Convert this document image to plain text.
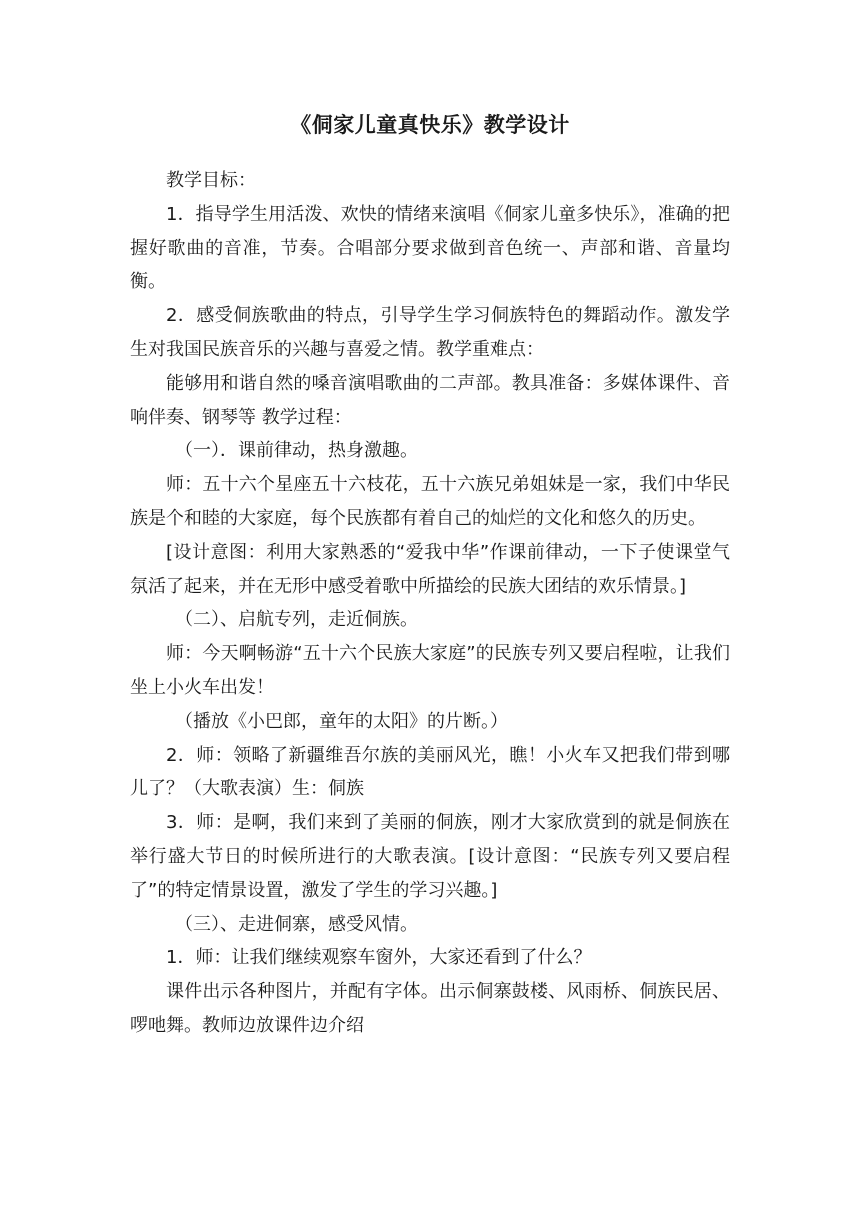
《侗家儿童真快乐》教学设计

教学目标：

1．指导学生用活泼、欢快的情绪来演唱《侗家儿童多快乐》，准确的把握好歌曲的音准，节奏。合唱部分要求做到音色统一、声部和谐、音量均衡。

2．感受侗族歌曲的特点，引导学生学习侗族特色的舞蹈动作。激发学生对我国民族音乐的兴趣与喜爱之情。教学重难点：

能够用和谐自然的嗓音演唱歌曲的二声部。教具准备：多媒体课件、音响伴奏、钢琴等 教学过程：

（一）．课前律动，热身激趣。

师：五十六个星座五十六枝花，五十六族兄弟姐妹是一家，我们中华民族是个和睦的大家庭，每个民族都有着自己的灿烂的文化和悠久的历史。

[设计意图：利用大家熟悉的“爱我中华”作课前律动，一下子使课堂气氛活了起来，并在无形中感受着歌中所描绘的民族大团结的欢乐情景。]

（二）、启航专列，走近侗族。

师：今天啊畅游“五十六个民族大家庭”的民族专列又要启程啦，让我们坐上小火车出发！

（播放《小巴郎，童年的太阳》的片断。）

2．师：领略了新疆维吾尔族的美丽风光，瞧！小火车又把我们带到哪儿了？（大歌表演）生：侗族

3．师：是啊，我们来到了美丽的侗族，刚才大家欣赏到的就是侗族在举行盛大节日的时候所进行的大歌表演。[设计意图：“民族专列又要启程了”的特定情景设置，激发了学生的学习兴趣。]

（三）、走进侗寨，感受风情。

1．师：让我们继续观察车窗外，大家还看到了什么？

课件出示各种图片，并配有字体。出示侗寨鼓楼、风雨桥、侗族民居、啰吔舞。教师边放课件边介绍
